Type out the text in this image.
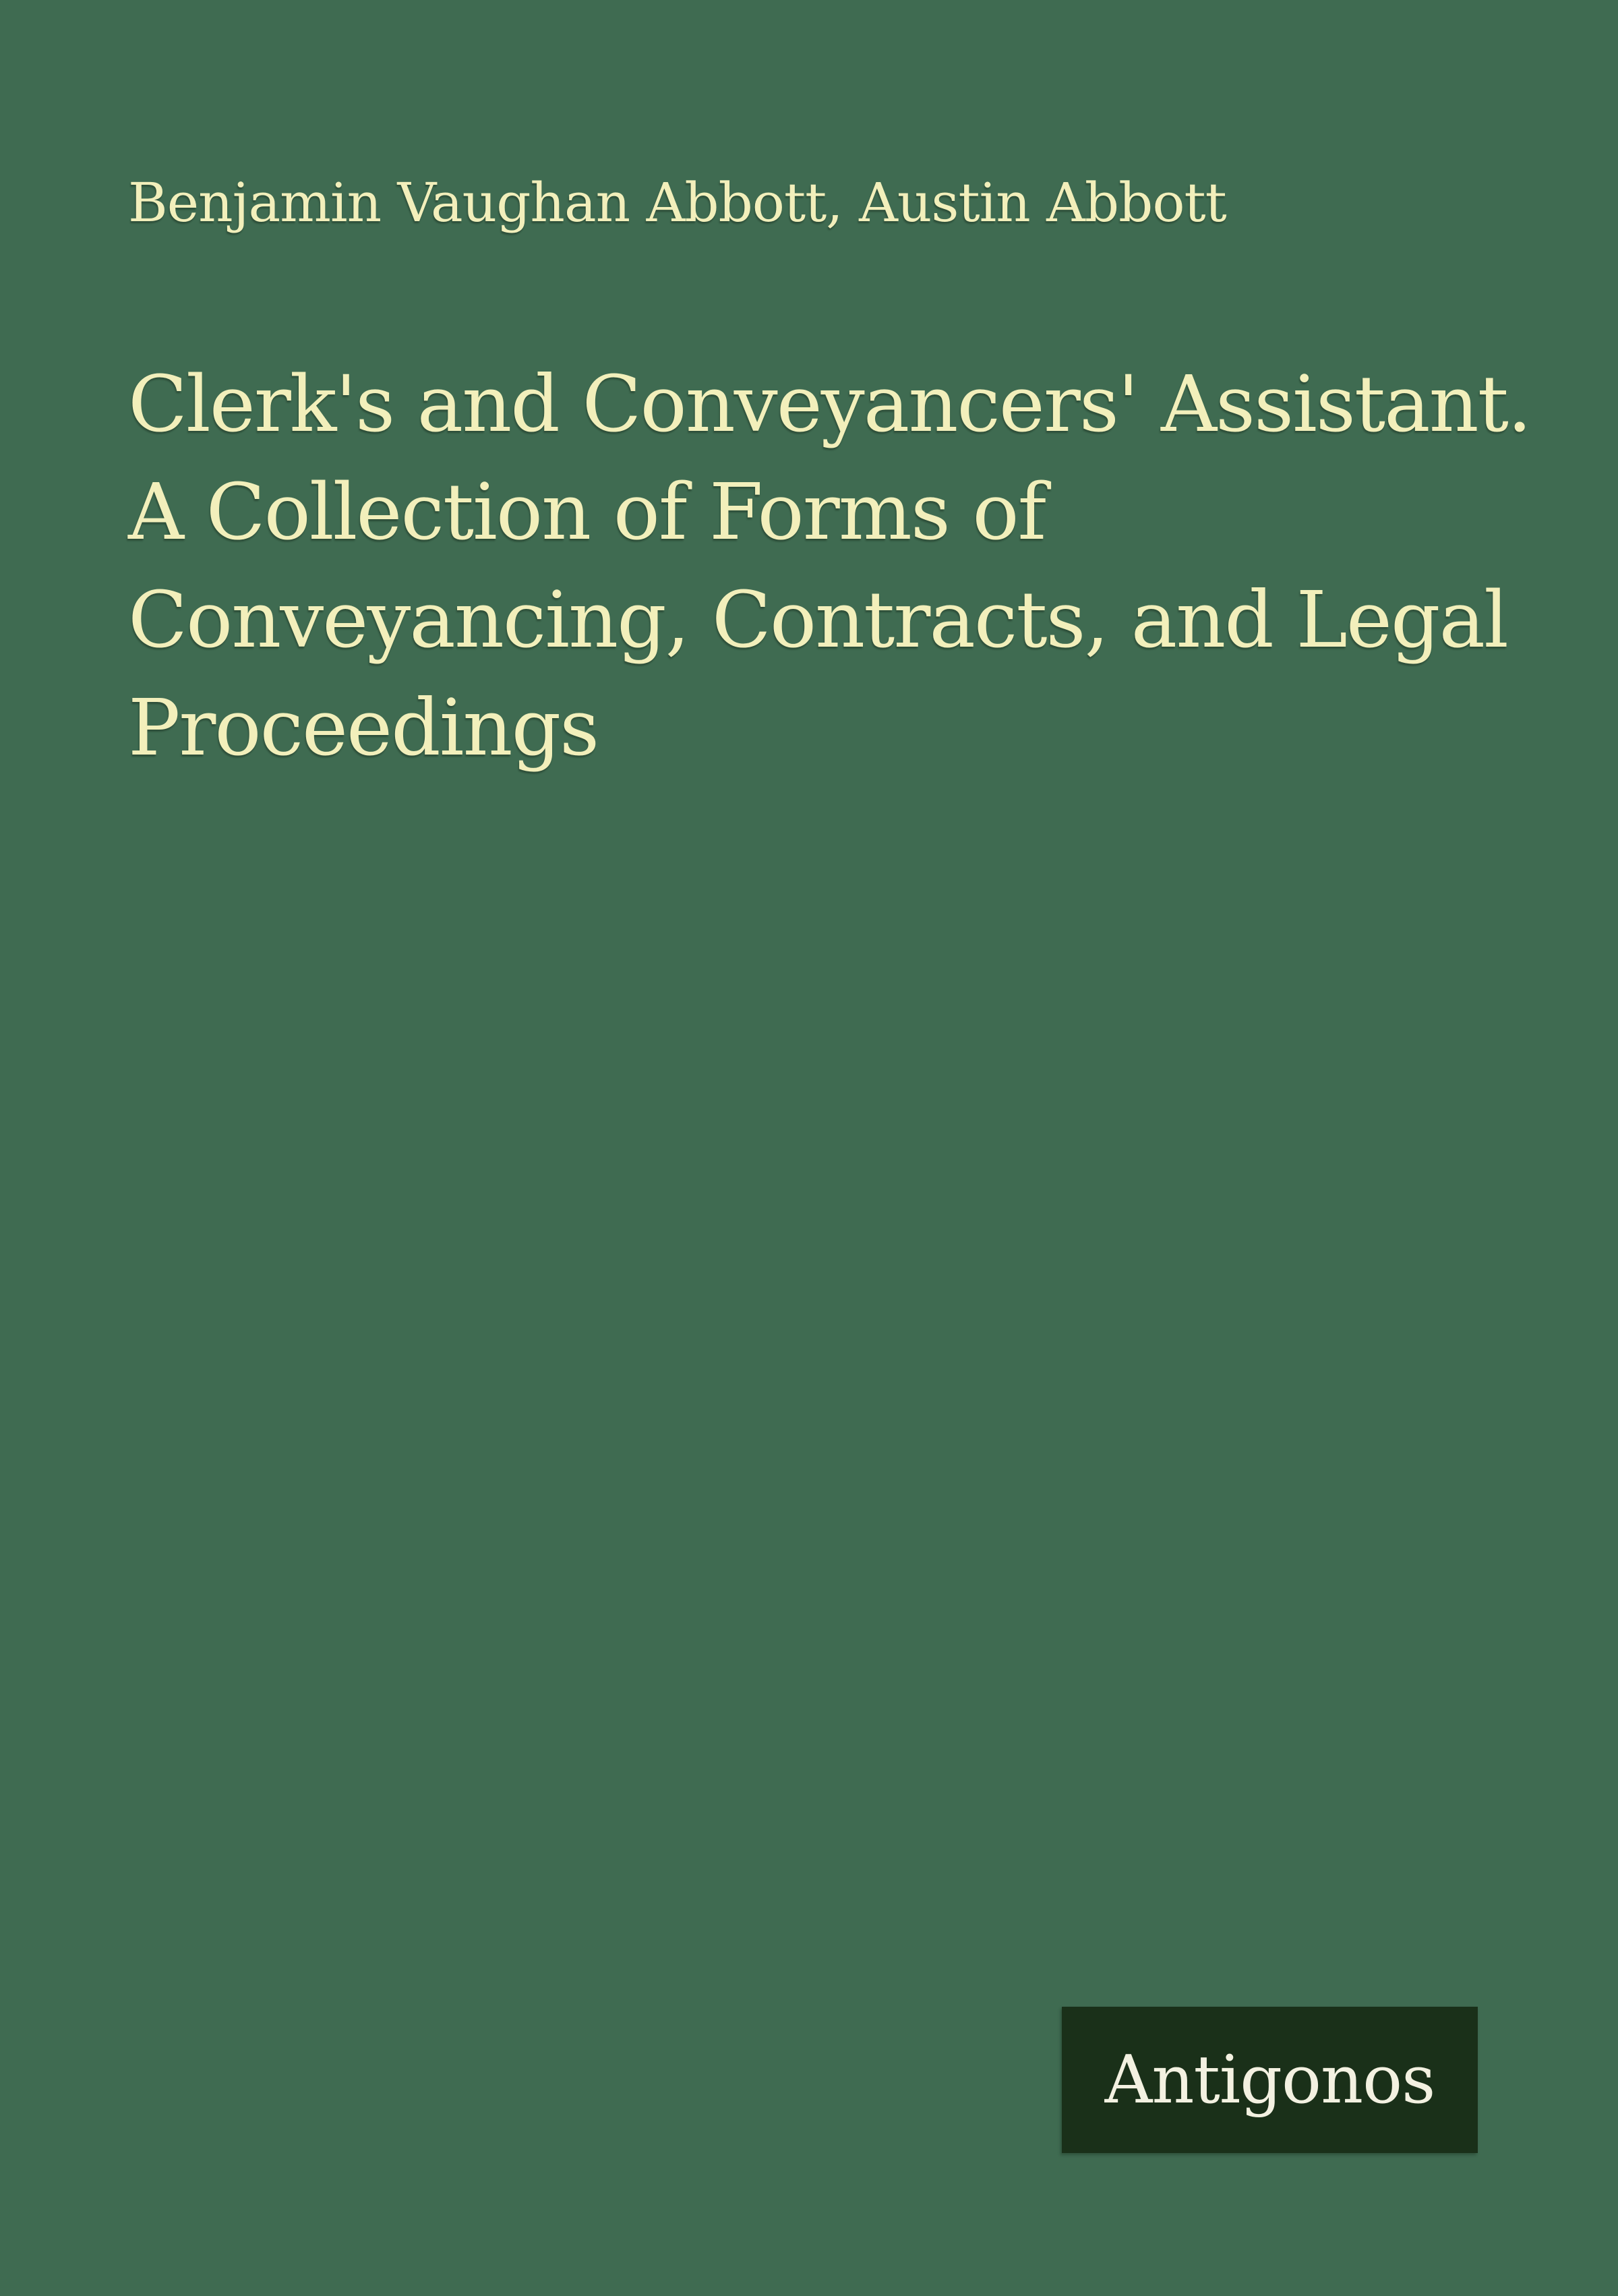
Benjamin Vaughan Abbott, Austin Abbott
Clerk's and Conveyancers' Assistant.
A Collection of Forms of
Conveyancing, Contracts, and Legal
Proceedings
Antigonos
